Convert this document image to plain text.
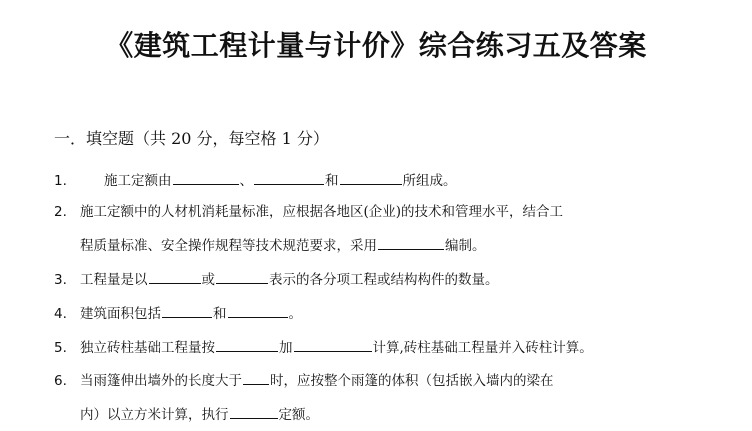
《建筑工程计量与计价》综合练习五及答案
一．填空题（共 20 分，每空格 1 分）
1.	施工定额由	、	和	所组成。
2. 施工定额中的人材机消耗量标准，应根据各地区(企业)的技术和管理水平，结合工
程质量标准、安全操作规程等技术规范要求，采用	编制。
3. 工程量是以	或	表示的各分项工程或结构构件的数量。
4. 建筑面积包括	和	。
5. 独立砖柱基础工程量按	加	计算,砖柱基础工程量并入砖柱计算。
6. 当雨篷伸出墙外的长度大于 时，应按整个雨篷的体积（包括嵌入墙内的梁在
内）以立方米计算，执行	定额。
